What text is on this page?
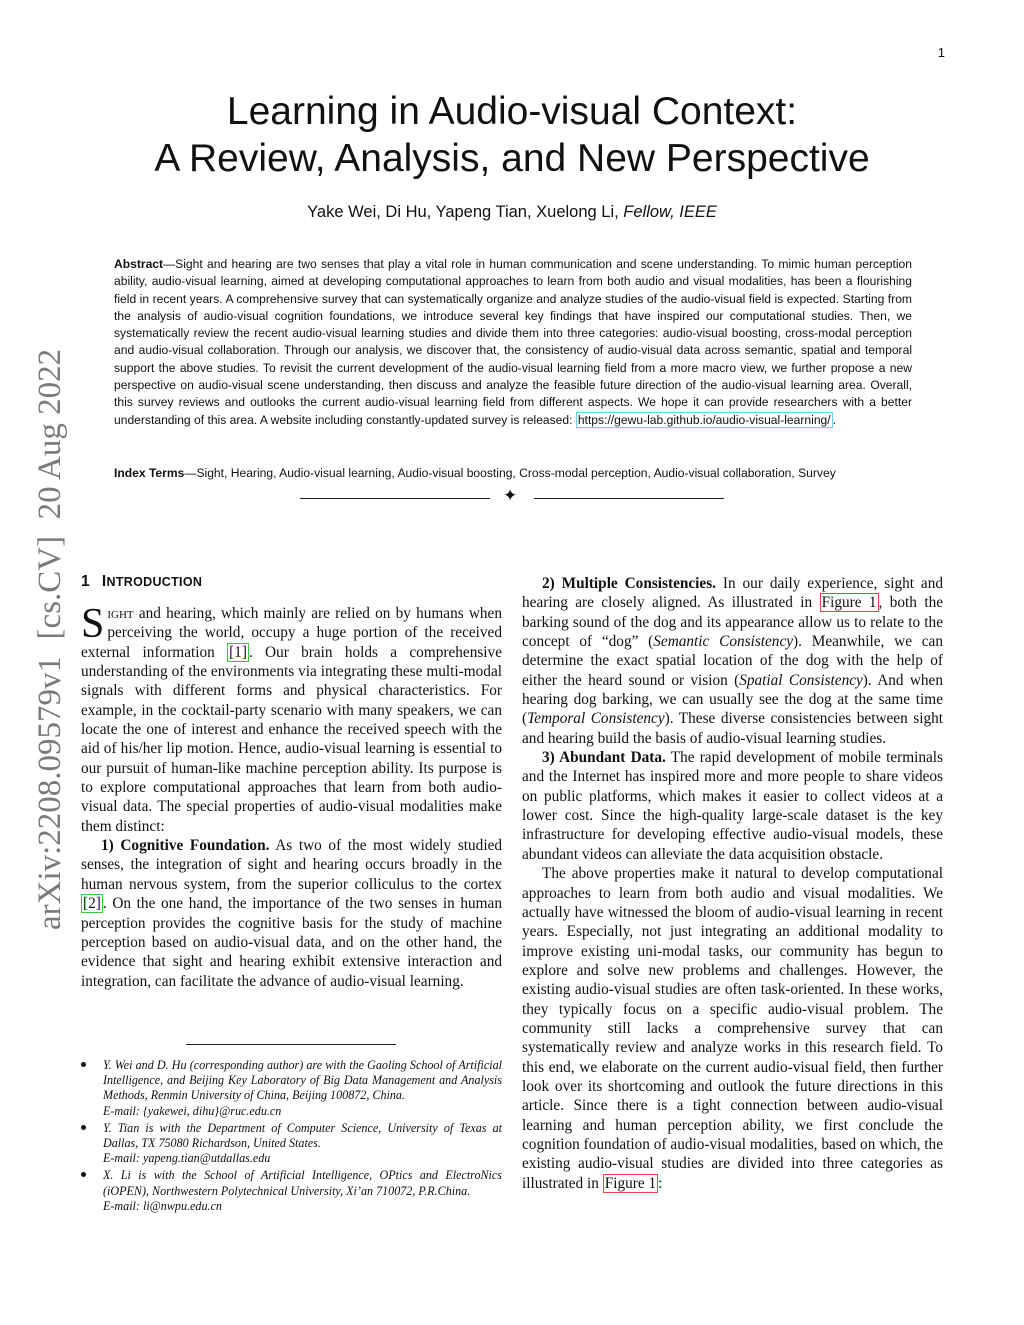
1
arXiv:2208.09579v1  [cs.CV]  20 Aug 2022
Learning in Audio-visual Context:
A Review, Analysis, and New Perspective
Yake Wei, Di Hu, Yapeng Tian, Xuelong Li, Fellow, IEEE
Abstract—Sight and hearing are two senses that play a vital role in human communication and scene understanding. To mimic human perception ability, audio-visual learning, aimed at developing computational approaches to learn from both audio and visual modalities, has been a flourishing field in recent years. A comprehensive survey that can systematically organize and analyze studies of the audio-visual field is expected. Starting from the analysis of audio-visual cognition foundations, we introduce several key findings that have inspired our computational studies. Then, we systematically review the recent audio-visual learning studies and divide them into three categories: audio-visual boosting, cross-modal perception and audio-visual collaboration. Through our analysis, we discover that, the consistency of audio-visual data across semantic, spatial and temporal support the above studies. To revisit the current development of the audio-visual learning field from a more macro view, we further propose a new perspective on audio-visual scene understanding, then discuss and analyze the feasible future direction of the audio-visual learning area. Overall, this survey reviews and outlooks the current audio-visual learning field from different aspects. We hope it can provide researchers with a better understanding of this area. A website including constantly-updated survey is released: https://gewu-lab.github.io/audio-visual-learning/ .
Index Terms—Sight, Hearing, Audio-visual learning, Audio-visual boosting, Cross-modal perception, Audio-visual collaboration, Survey
✦
1 INTRODUCTION

Sight and hearing, which mainly are relied on by humans when perceiving the world, occupy a huge portion of the received external information [1] . Our brain holds a comprehensive understanding of the environments via integrating these multi-modal signals with different forms and physical characteristics. For example, in the cocktail-party scenario with many speakers, we can locate the one of interest and enhance the received speech with the aid of his/her lip motion. Hence, audio-visual learning is essential to our pursuit of human-like machine perception ability. Its purpose is to explore computational approaches that learn from both audio-visual data. The special properties of audio-visual modalities make them distinct:

1) Cognitive Foundation. As two of the most widely studied senses, the integration of sight and hearing occurs broadly in the human nervous system, from the superior colliculus to the cortex [2] . On the one hand, the importance of the two senses in human perception provides the cognitive basis for the study of machine perception based on audio-visual data, and on the other hand, the evidence that sight and hearing exhibit extensive interaction and integration, can facilitate the advance of audio-visual learning.

Y. Wei and D. Hu (corresponding author) are with the Gaoling School of Artificial Intelligence, and Beijing Key Laboratory of Big Data Management and Analysis Methods, Renmin University of China, Beijing 100872, China.
E-mail: {yakewei, dihu}@ruc.edu.cn
Y. Tian is with the Department of Computer Science, University of Texas at Dallas, TX 75080 Richardson, United States.
E-mail: yapeng.tian@utdallas.edu
X. Li is with the School of Artificial Intelligence, OPtics and ElectroNics (iOPEN), Northwestern Polytechnical University, Xi’an 710072, P.R.China.
E-mail: li@nwpu.edu.cn

2) Multiple Consistencies. In our daily experience, sight and hearing are closely aligned. As illustrated in Figure 1 , both the barking sound of the dog and its appearance allow us to relate to the concept of “dog” (Semantic Consistency). Meanwhile, we can determine the exact spatial location of the dog with the help of either the heard sound or vision (Spatial Consistency). And when hearing dog barking, we can usually see the dog at the same time (Temporal Consistency). These diverse consistencies between sight and hearing build the basis of audio-visual learning studies.

3) Abundant Data. The rapid development of mobile terminals and the Internet has inspired more and more people to share videos on public platforms, which makes it easier to collect videos at a lower cost. Since the high-quality large-scale dataset is the key infrastructure for developing effective audio-visual models, these abundant videos can alleviate the data acquisition obstacle.

The above properties make it natural to develop computational approaches to learn from both audio and visual modalities. We actually have witnessed the bloom of audio-visual learning in recent years. Especially, not just integrating an additional modality to improve existing uni-modal tasks, our community has begun to explore and solve new problems and challenges. However, the existing audio-visual studies are often task-oriented. In these works, they typically focus on a specific audio-visual problem. The community still lacks a comprehensive survey that can systematically review and analyze works in this research field. To this end, we elaborate on the current audio-visual field, then further look over its shortcoming and outlook the future directions in this article. Since there is a tight connection between audio-visual learning and human perception ability, we first conclude the cognition foundation of audio-visual modalities, based on which, the existing audio-visual studies are divided into three categories as illustrated in Figure 1 :
